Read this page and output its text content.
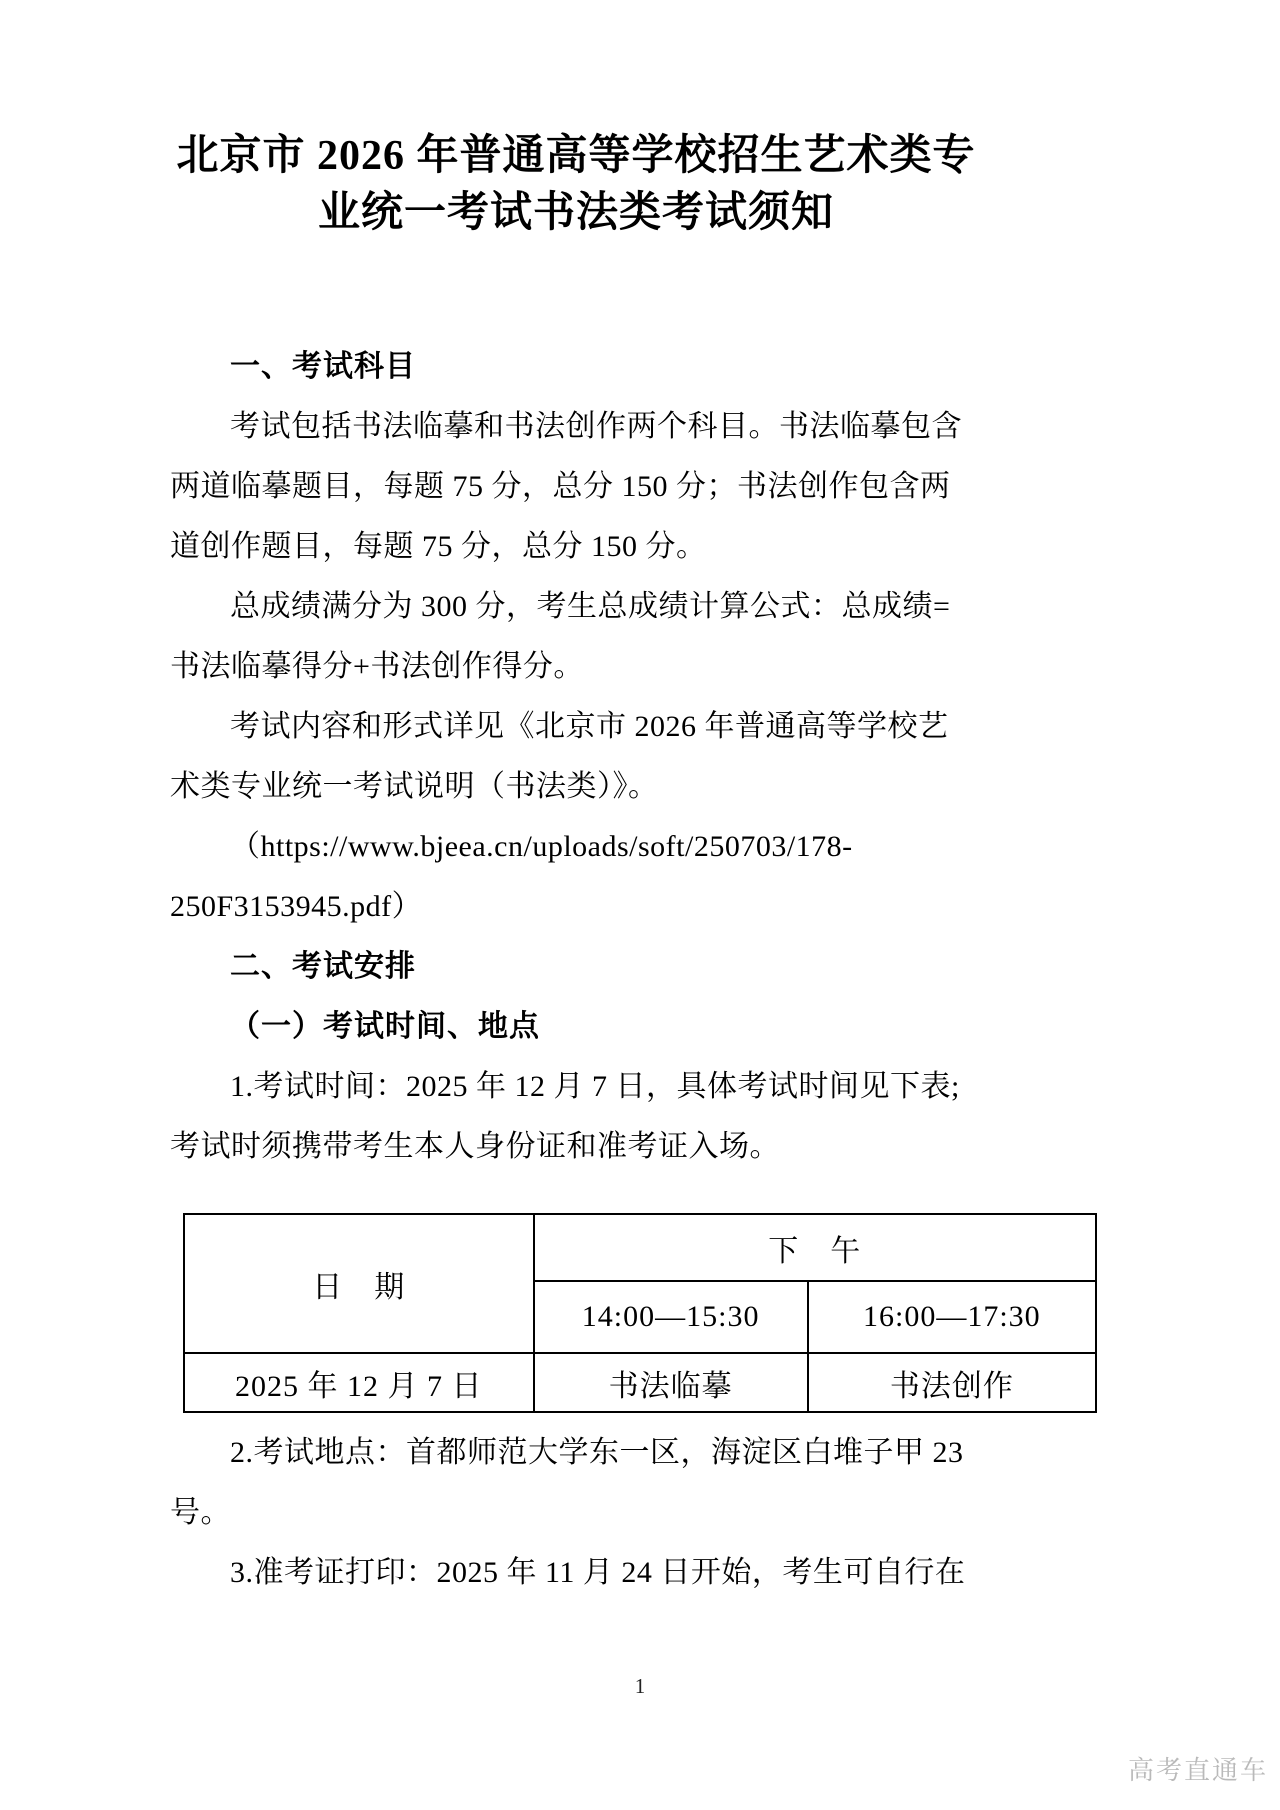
北京市 2026 年普通高等学校招生艺术类专
业统一考试书法类考试须知
一、考试科目
考试包括书法临摹和书法创作两个科目。书法临摹包含
两道临摹题目，每题 75 分，总分 150 分；书法创作包含两
道创作题目，每题 75 分，总分 150 分。
总成绩满分为 300 分，考生总成绩计算公式：总成绩=
书法临摹得分+书法创作得分。
考试内容和形式详见《北京市 2026 年普通高等学校艺
术类专业统一考试说明（书法类）》。
（https://www.bjeea.cn/uploads/soft/250703/178-
250F3153945.pdf）
二、考试安排
（一）考试时间、地点
1.考试时间：2025 年 12 月 7 日，具体考试时间见下表;
考试时须携带考生本人身份证和准考证入场。
日　期	下　午	
	14:00—15:30	16:00—17:30
2025 年 12 月 7 日	书法临摹	书法创作
2.考试地点：首都师范大学东一区，海淀区白堆子甲 23
号。
3.准考证打印：2025 年 11 月 24 日开始，考生可自行在
1
高考直通车
